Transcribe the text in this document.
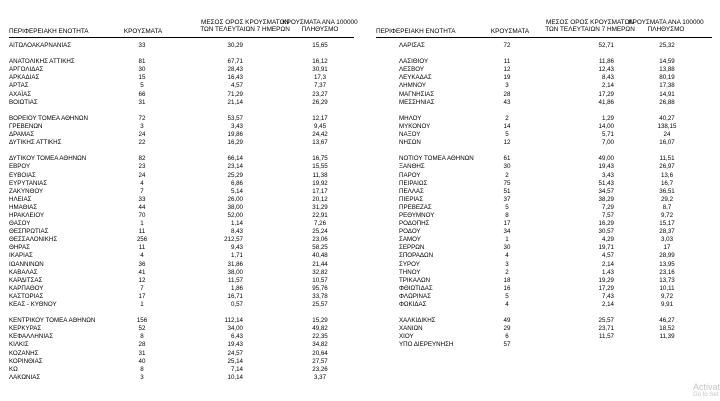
ΠΕΡΙΦΕΡΕΙΑΚΗ ΕΝΟΤΗΤΑ	ΚΡΟΥΣΜΑΤΑ
ΜΕΣΟΣ ΟΡΟΣ ΚΡΟΥΣΜΑΤΩΝ
ΤΩΝ ΤΕΛΕΥΤΑΙΩΝ 7 ΗΜΕΡΩΝ
ΚΡΟΥΣΜΑΤΑ ΑΝΑ 100000
ΠΛΗΘΥΣΜΟ	ΠΕΡΙΦΕΡΕΙΑΚΗ ΕΝΟΤΗΤΑ	ΚΡΟΥΣΜΑΤΑ
ΜΕΣΟΣ ΟΡΟΣ ΚΡΟΥΣΜΑΤΩΝ
ΤΩΝ ΤΕΛΕΥΤΑΙΩΝ 7 ΗΜΕΡΩΝ
ΚΡΟΥΣΜΑΤΑ ΑΝΑ 100000
ΠΛΗΘΥΣΜΟ
ΑΙΤΩΛΟΑΚΑΡΝΑΝΙΑΣ	33	30,29	15,65
ΑΝΑΤΟΛΙΚΗΣ ΑΤΤΙΚΗΣ	81	67,71	16,12
ΑΡΓΟΛΙΔΑΣ	30	28,43	30,91
ΑΡΚΑΔΙΑΣ	15	16,43	17,3
ΑΡΤΑΣ	5	4,57	7,37
ΑΧΑΪΑΣ	66	71,29	23,27
ΒΟΙΩΤΙΑΣ	31	21,14	26,29
ΒΟΡΕΙΟΥ ΤΟΜΕΑ ΑΘΗΝΩΝ	72	53,57	12,17
ΓΡΕΒΕΝΩΝ	3	3,43	9,45
ΔΡΑΜΑΣ	24	19,86	24,42
ΔΥΤΙΚΗΣ ΑΤΤΙΚΗΣ	22	16,29	13,67
ΔΥΤΙΚΟΥ ΤΟΜΕΑ ΑΘΗΝΩΝ	82	66,14	16,75
ΕΒΡΟΥ	23	23,14	15,55
ΕΥΒΟΙΑΣ	24	25,29	11,38
ΕΥΡΥΤΑΝΙΑΣ	4	6,86	19,92
ΖΑΚΥΝΘΟΥ	7	5,14	17,17
ΗΛΕΙΑΣ	33	26,00	20,12
ΗΜΑΘΙΑΣ	44	38,00	31,29
ΗΡΑΚΛΕΙΟΥ	70	52,00	22,91
ΘΑΣΟΥ	1	1,14	7,26
ΘΕΣΠΡΩΤΙΑΣ	11	8,43	25,24
ΘΕΣΣΑΛΟΝΙΚΗΣ	256	212,57	23,06
ΘΗΡΑΣ	11	9,43	58,25
ΙΚΑΡΙΑΣ	4	1,71	40,48
ΙΩΑΝΝΙΝΩΝ	36	31,86	21,44
ΚΑΒΑΛΑΣ	41	38,00	32,82
ΚΑΡΔΙΤΣΑΣ	12	11,57	10,57
ΚΑΡΠΑΘΟΥ	7	1,86	95,76
ΚΑΣΤΟΡΙΑΣ	17	16,71	33,78
ΚΕΑΣ - ΚΥΘΝΟΥ	1	0,57	25,57
ΚΕΝΤΡΙΚΟΥ ΤΟΜΕΑ ΑΘΗΝΩΝ	156	112,14	15,29
ΚΕΡΚΥΡΑΣ	52	34,00	49,82
ΚΕΦΑΛΛΗΝΙΑΣ	8	6,43	22,35
ΚΙΛΚΙΣ	28	19,43	34,82
ΚΟΖΑΝΗΣ	31	24,57	20,64
ΚΟΡΙΝΘΙΑΣ	40	25,14	27,57
ΚΩ	8	7,14	23,26
ΛΑΚΩΝΙΑΣ	3	10,14	3,37
ΛΑΡΙΣΑΣ	72	52,71	25,32
ΛΑΣΙΘΙΟΥ	11	11,86	14,59
ΛΕΣΒΟΥ	12	12,43	13,88
ΛΕΥΚΑΔΑΣ	19	8,43	80,19
ΛΗΜΝΟΥ	3	2,14	17,38
ΜΑΓΝΗΣΙΑΣ	28	17,29	14,91
ΜΕΣΣΗΝΙΑΣ	43	41,86	26,88
ΜΗΛΟΥ	2	1,29	40,27
ΜΥΚΟΝΟΥ	14	14,00	138,15
ΝΑΞΟΥ	5	5,71	24
ΝΗΣΩΝ	12	7,00	16,07
ΝΟΤΙΟΥ ΤΟΜΕΑ ΑΘΗΝΩΝ	61	49,00	11,51
ΞΑΝΘΗΣ	30	19,43	26,97
ΠΑΡΟΥ	2	3,43	13,6
ΠΕΙΡΑΙΩΣ	75	51,43	16,7
ΠΕΛΛΑΣ	51	34,57	36,51
ΠΙΕΡΙΑΣ	37	38,29	29,2
ΠΡΕΒΕΖΑΣ	5	7,29	8,7
ΡΕΘΥΜΝΟΥ	8	7,57	9,72
ΡΟΔΟΠΗΣ	17	16,29	15,17
ΡΟΔΟΥ	34	30,57	28,37
ΣΑΜΟΥ	1	4,29	3,03
ΣΕΡΡΩΝ	30	19,71	17
ΣΠΟΡΑΔΩΝ	4	4,57	28,99
ΣΥΡΟΥ	3	2,14	13,95
ΤΗΝΟΥ	2	1,43	23,16
ΤΡΙΚΑΛΩΝ	18	19,29	13,73
ΦΘΙΩΤΙΔΑΣ	16	17,29	10,11
ΦΛΩΡΙΝΑΣ	5	7,43	9,72
ΦΩΚΙΔΑΣ	4	2,14	9,91
ΧΑΛΚΙΔΙΚΗΣ	49	25,57	46,27
ΧΑΝΙΩΝ	29	23,71	18,52
ΧΙΟΥ	6	11,57	11,39
ΥΠΟ ΔΙΕΡΕΥΝΗΣΗ	57
Activat
Go to Set
